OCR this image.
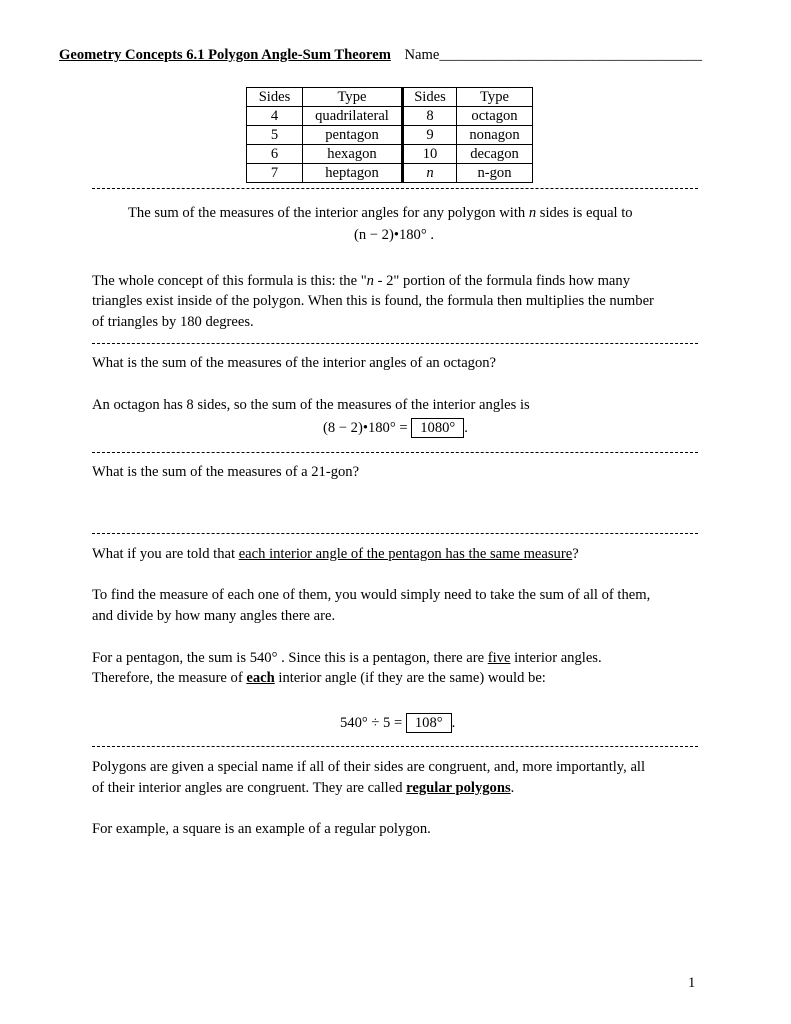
Geometry Concepts 6.1 Polygon Angle-Sum Theorem Name____________________________________
Sides	Type	Sides	Type
4	quadrilateral	8	octagon
5	pentagon	9	nonagon
6	hexagon	10	decagon
7	heptagon	n	n-gon
The sum of the measures of the interior angles for any polygon with n sides is equal to
(n − 2)•180° .
The whole concept of this formula is this: the "n - 2" portion of the formula finds how many
triangles exist inside of the polygon. When this is found, the formula then multiplies the number
of triangles by 180 degrees.
What is the sum of the measures of the interior angles of an octagon?
An octagon has 8 sides, so the sum of the measures of the interior angles is
(8 − 2)•180° = 1080° .
What is the sum of the measures of a 21-gon?
What if you are told that each interior angle of the pentagon has the same measure?
To find the measure of each one of them, you would simply need to take the sum of all of them,
and divide by how many angles there are.
For a pentagon, the sum is 540° . Since this is a pentagon, there are five interior angles.
Therefore, the measure of each interior angle (if they are the same) would be:
540° ÷ 5 = 108° .
Polygons are given a special name if all of their sides are congruent, and, more importantly, all
of their interior angles are congruent. They are called regular polygons.
For example, a square is an example of a regular polygon.
1
